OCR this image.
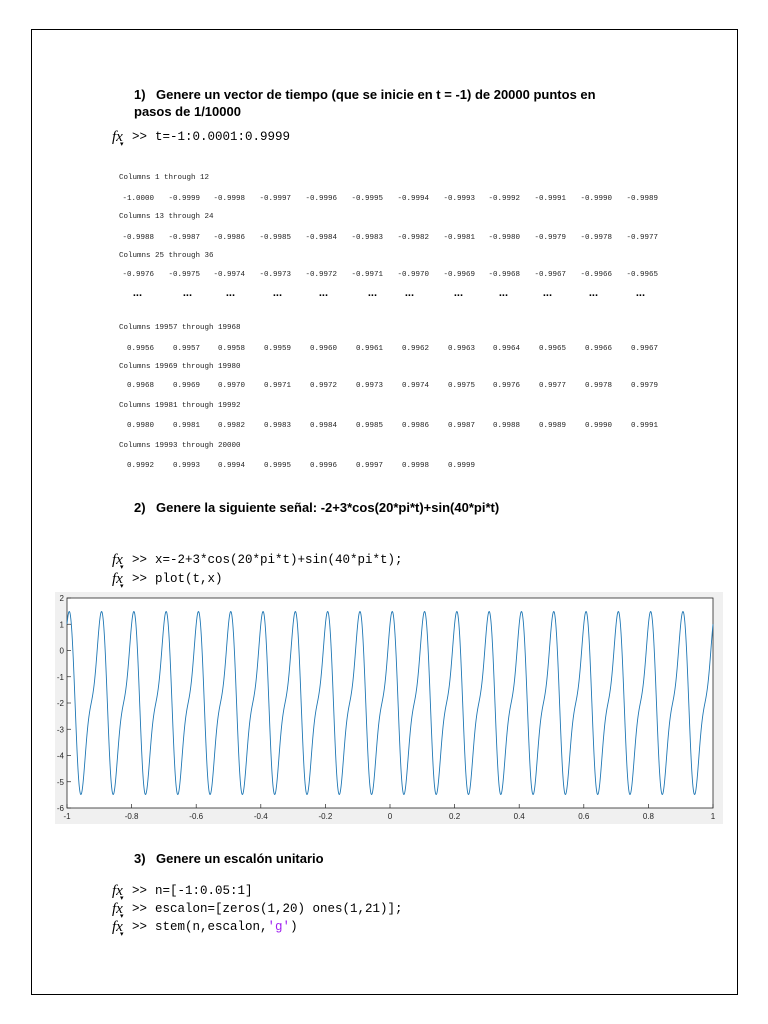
1) Genere un vector de tiempo (que se inicie en t = -1) de 20000 puntos en pasos de 1/10000
fx ▾ >> t=-1:0.0001:0.9999
Columns 1 through 12
-1.0000	-0.9999	-0.9998	-0.9997	-0.9996	-0.9995	-0.9994	-0.9993	-0.9992	-0.9991	-0.9990	-0.9989
Columns 13 through 24
-0.9988	-0.9987	-0.9986	-0.9985	-0.9984	-0.9983	-0.9982	-0.9981	-0.9980	-0.9979	-0.9978	-0.9977
Columns 25 through 36
-0.9976	-0.9975	-0.9974	-0.9973	-0.9972	-0.9971	-0.9970	-0.9969	-0.9968	-0.9967	-0.9966	-0.9965
...	...	...	...	...	...	...	...	...	...	...	...
Columns 19957 through 19968
0.9956	0.9957	0.9958	0.9959	0.9960	0.9961	0.9962	0.9963	0.9964	0.9965	0.9966	0.9967
Columns 19969 through 19980
0.9968	0.9969	0.9970	0.9971	0.9972	0.9973	0.9974	0.9975	0.9976	0.9977	0.9978	0.9979
Columns 19981 through 19992
0.9980	0.9981	0.9982	0.9983	0.9984	0.9985	0.9986	0.9987	0.9988	0.9989	0.9990	0.9991
Columns 19993 through 20000
0.9992	0.9993	0.9994	0.9995	0.9996	0.9997	0.9998	0.9999
2) Genere la siguiente señal: -2+3*cos(20*pi*t)+sin(40*pi*t)
fx ▾ >> x=-2+3*cos(20*pi*t)+sin(40*pi*t);
fx ▾ >> plot(t,x)
-1	-0.8	-0.6	-0.4	-0.2	0	0.2	0.4	0.6	0.8	1
2
1
0
-1
-2
-3
-4
-5
-6
3) Genere un escalón unitario
fx ▾ >> n=[-1:0.05:1]
fx ▾ >> escalon=[zeros(1,20) ones(1,21)];
fx ▾ >> stem(n,escalon, 'g' )
